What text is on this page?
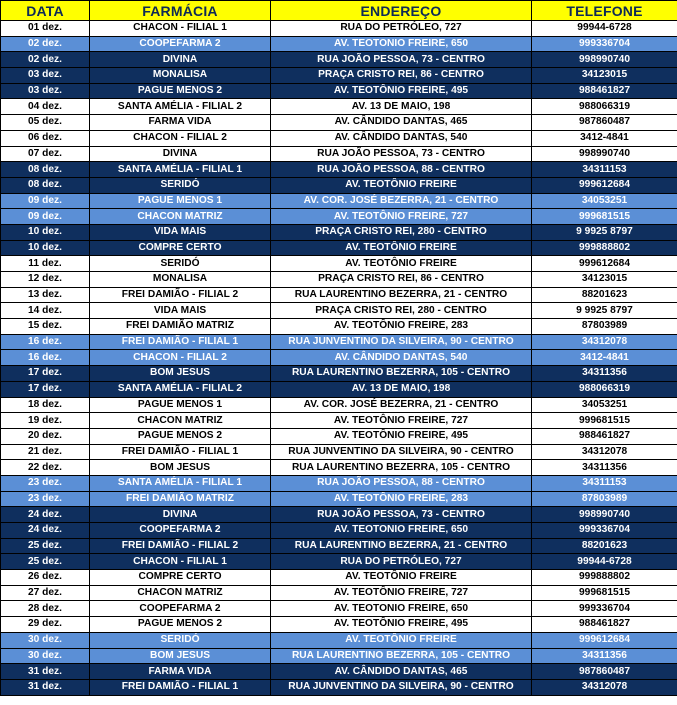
DATA	FARMÁCIA	ENDEREÇO	TELEFONE
01 dez.	CHACON - FILIAL 1	RUA DO PETRÓLEO, 727	99944-6728
02 dez.	COOPEFARMA 2	AV. TEOTONIO FREIRE, 650	999336704
02 dez.	DIVINA	RUA JOÃO PESSOA, 73 - CENTRO	998990740
03 dez.	MONALISA	PRAÇA CRISTO REI, 86 - CENTRO	34123015
03 dez.	PAGUE MENOS 2	AV. TEOTÔNIO FREIRE, 495	988461827
04 dez.	SANTA AMÉLIA - FILIAL 2	AV. 13 DE MAIO, 198	988066319
05 dez.	FARMA VIDA	AV. CÂNDIDO DANTAS, 465	987860487
06 dez.	CHACON - FILIAL 2	AV. CÂNDIDO DANTAS, 540	3412-4841
07 dez.	DIVINA	RUA JOÃO PESSOA, 73 - CENTRO	998990740
08 dez.	SANTA AMÉLIA - FILIAL 1	RUA JOÃO PESSOA, 88 - CENTRO	34311153
08 dez.	SERIDÓ	AV. TEOTÔNIO FREIRE	999612684
09 dez.	PAGUE MENOS 1	AV. COR. JOSÉ BEZERRA, 21 - CENTRO	34053251
09 dez.	CHACON MATRIZ	AV. TEOTÔNIO FREIRE, 727	999681515
10 dez.	VIDA MAIS	PRAÇA CRISTO REI, 280 - CENTRO	9 9925 8797
10 dez.	COMPRE CERTO	AV. TEOTÔNIO FREIRE	999888802
11 dez.	SERIDÓ	AV. TEOTÔNIO FREIRE	999612684
12 dez.	MONALISA	PRAÇA CRISTO REI, 86 - CENTRO	34123015
13 dez.	FREI DAMIÃO - FILIAL 2	RUA LAURENTINO BEZERRA, 21 - CENTRO	88201623
14 dez.	VIDA MAIS	PRAÇA CRISTO REI, 280 - CENTRO	9 9925 8797
15 dez.	FREI DAMIÃO MATRIZ	AV. TEOTÔNIO FREIRE, 283	87803989
16 dez.	FREI DAMIÃO - FILIAL 1	RUA JUNVENTINO DA SILVEIRA, 90 - CENTRO	34312078
16 dez.	CHACON - FILIAL 2	AV. CÂNDIDO DANTAS, 540	3412-4841
17 dez.	BOM JESUS	RUA LAURENTINO BEZERRA, 105 - CENTRO	34311356
17 dez.	SANTA AMÉLIA - FILIAL 2	AV. 13 DE MAIO, 198	988066319
18 dez.	PAGUE MENOS 1	AV. COR. JOSÉ BEZERRA, 21 - CENTRO	34053251
19 dez.	CHACON MATRIZ	AV. TEOTÔNIO FREIRE, 727	999681515
20 dez.	PAGUE MENOS 2	AV. TEOTÔNIO FREIRE, 495	988461827
21 dez.	FREI DAMIÃO - FILIAL 1	RUA JUNVENTINO DA SILVEIRA, 90 - CENTRO	34312078
22 dez.	BOM JESUS	RUA LAURENTINO BEZERRA, 105 - CENTRO	34311356
23 dez.	SANTA AMÉLIA - FILIAL 1	RUA JOÃO PESSOA, 88 - CENTRO	34311153
23 dez.	FREI DAMIÃO MATRIZ	AV. TEOTÔNIO FREIRE, 283	87803989
24 dez.	DIVINA	RUA JOÃO PESSOA, 73 - CENTRO	998990740
24 dez.	COOPEFARMA 2	AV. TEOTONIO FREIRE, 650	999336704
25 dez.	FREI DAMIÃO - FILIAL 2	RUA LAURENTINO BEZERRA, 21 - CENTRO	88201623
25 dez.	CHACON - FILIAL 1	RUA DO PETRÓLEO, 727	99944-6728
26 dez.	COMPRE CERTO	AV. TEOTÔNIO FREIRE	999888802
27 dez.	CHACON MATRIZ	AV. TEOTÔNIO FREIRE, 727	999681515
28 dez.	COOPEFARMA 2	AV. TEOTONIO FREIRE, 650	999336704
29 dez.	PAGUE MENOS 2	AV. TEOTÔNIO FREIRE, 495	988461827
30 dez.	SERIDÓ	AV. TEOTÔNIO FREIRE	999612684
30 dez.	BOM JESUS	RUA LAURENTINO BEZERRA, 105 - CENTRO	34311356
31 dez.	FARMA VIDA	AV. CÂNDIDO DANTAS, 465	987860487
31 dez.	FREI DAMIÃO - FILIAL 1	RUA JUNVENTINO DA SILVEIRA, 90 - CENTRO	34312078
